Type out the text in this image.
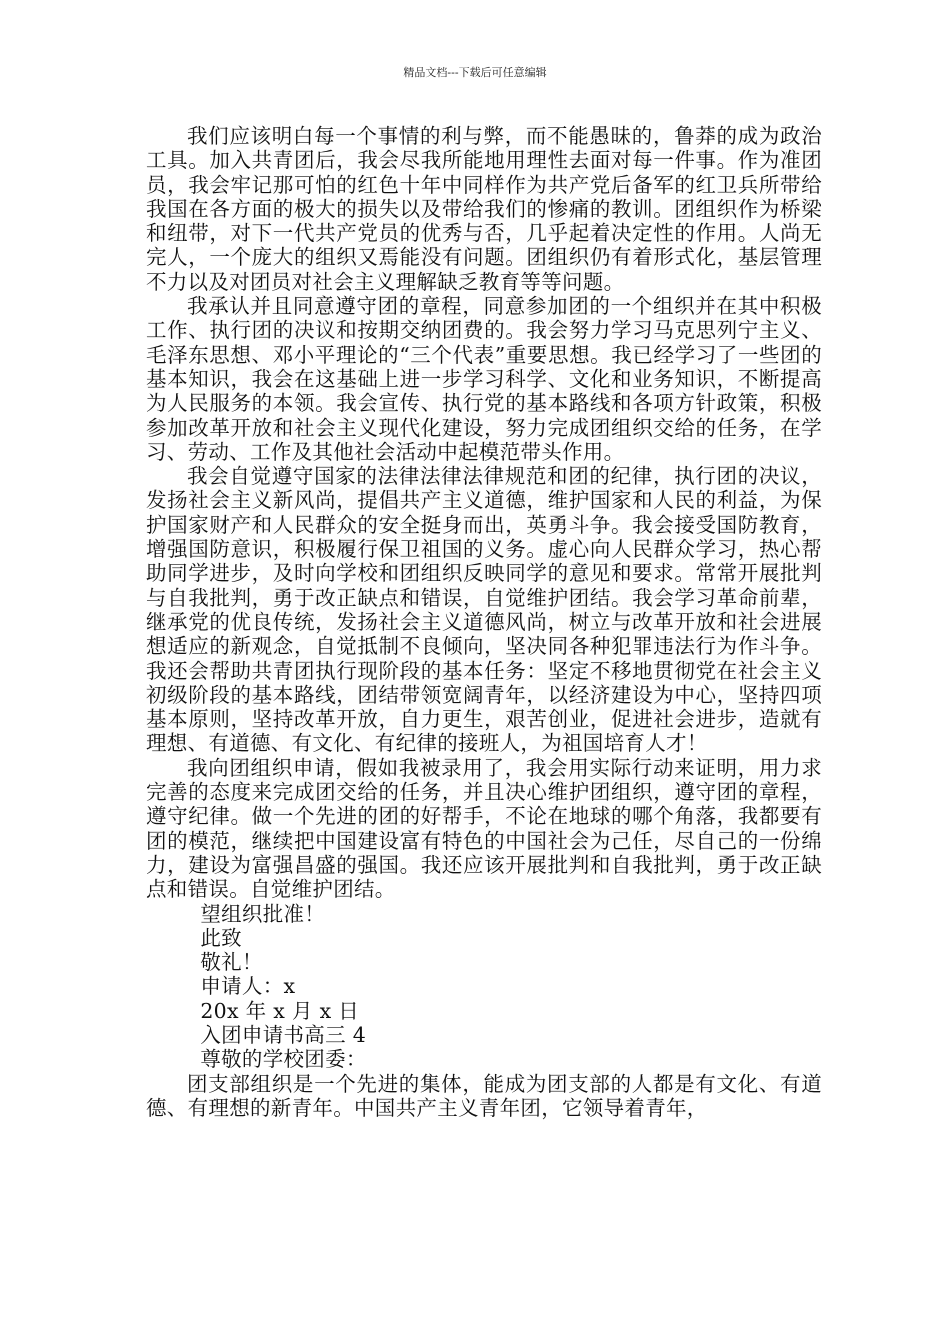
精品文档---下载后可任意编辑

我们应该明白每一个事情的利与弊，而不能愚昧的，鲁莽的成为政治工具。加入共青团后，我会尽我所能地用理性去面对每一件事。作为准团员，我会牢记那可怕的红色十年中同样作为共产党后备军的红卫兵所带给我国在各方面的极大的损失以及带给我们的惨痛的教训。团组织作为桥梁和纽带，对下一代共产党员的优秀与否，几乎起着决定性的作用。人尚无完人，一个庞大的组织又焉能没有问题。团组织仍有着形式化，基层管理不力以及对团员对社会主义理解缺乏教育等等问题。

我承认并且同意遵守团的章程，同意参加团的一个组织并在其中积极工作、执行团的决议和按期交纳团费的。我会努力学习马克思列宁主义、毛泽东思想、邓小平理论的“三个代表”重要思想。我已经学习了一些团的基本知识，我会在这基础上进一步学习科学、文化和业务知识，不断提高为人民服务的本领。我会宣传、执行党的基本路线和各项方针政策，积极参加改革开放和社会主义现代化建设，努力完成团组织交给的任务，在学习、劳动、工作及其他社会活动中起模范带头作用。

我会自觉遵守国家的法律法律法律规范和团的纪律，执行团的决议，发扬社会主义新风尚，提倡共产主义道德，维护国家和人民的利益，为保护国家财产和人民群众的安全挺身而出，英勇斗争。我会接受国防教育，增强国防意识，积极履行保卫祖国的义务。虚心向人民群众学习，热心帮助同学进步，及时向学校和团组织反映同学的意见和要求。常常开展批判与自我批判，勇于改正缺点和错误，自觉维护团结。我会学习革命前辈，继承党的优良传统，发扬社会主义道德风尚，树立与改革开放和社会进展想适应的新观念，自觉抵制不良倾向，坚决同各种犯罪违法行为作斗争。我还会帮助共青团执行现阶段的基本任务：坚定不移地贯彻党在社会主义初级阶段的基本路线，团结带领宽阔青年，以经济建设为中心，坚持四项基本原则，坚持改革开放，自力更生，艰苦创业，促进社会进步，造就有理想、有道德、有文化、有纪律的接班人，为祖国培育人才！

我向团组织申请，假如我被录用了，我会用实际行动来证明，用力求完善的态度来完成团交给的任务，并且决心维护团组织，遵守团的章程，遵守纪律。做一个先进的团的好帮手，不论在地球的哪个角落，我都要有团的模范，继续把中国建设富有特色的中国社会为己任，尽自己的一份绵力，建设为富强昌盛的强国。我还应该开展批判和自我批判，勇于改正缺点和错误。自觉维护团结。

望组织批准！
此致
敬礼！
申请人：x
20x 年 x 月 x 日
入团申请书高三 4
尊敬的学校团委：

团支部组织是一个先进的集体，能成为团支部的人都是有文化、有道德、有理想的新青年。中国共产主义青年团，它领导着青年，
